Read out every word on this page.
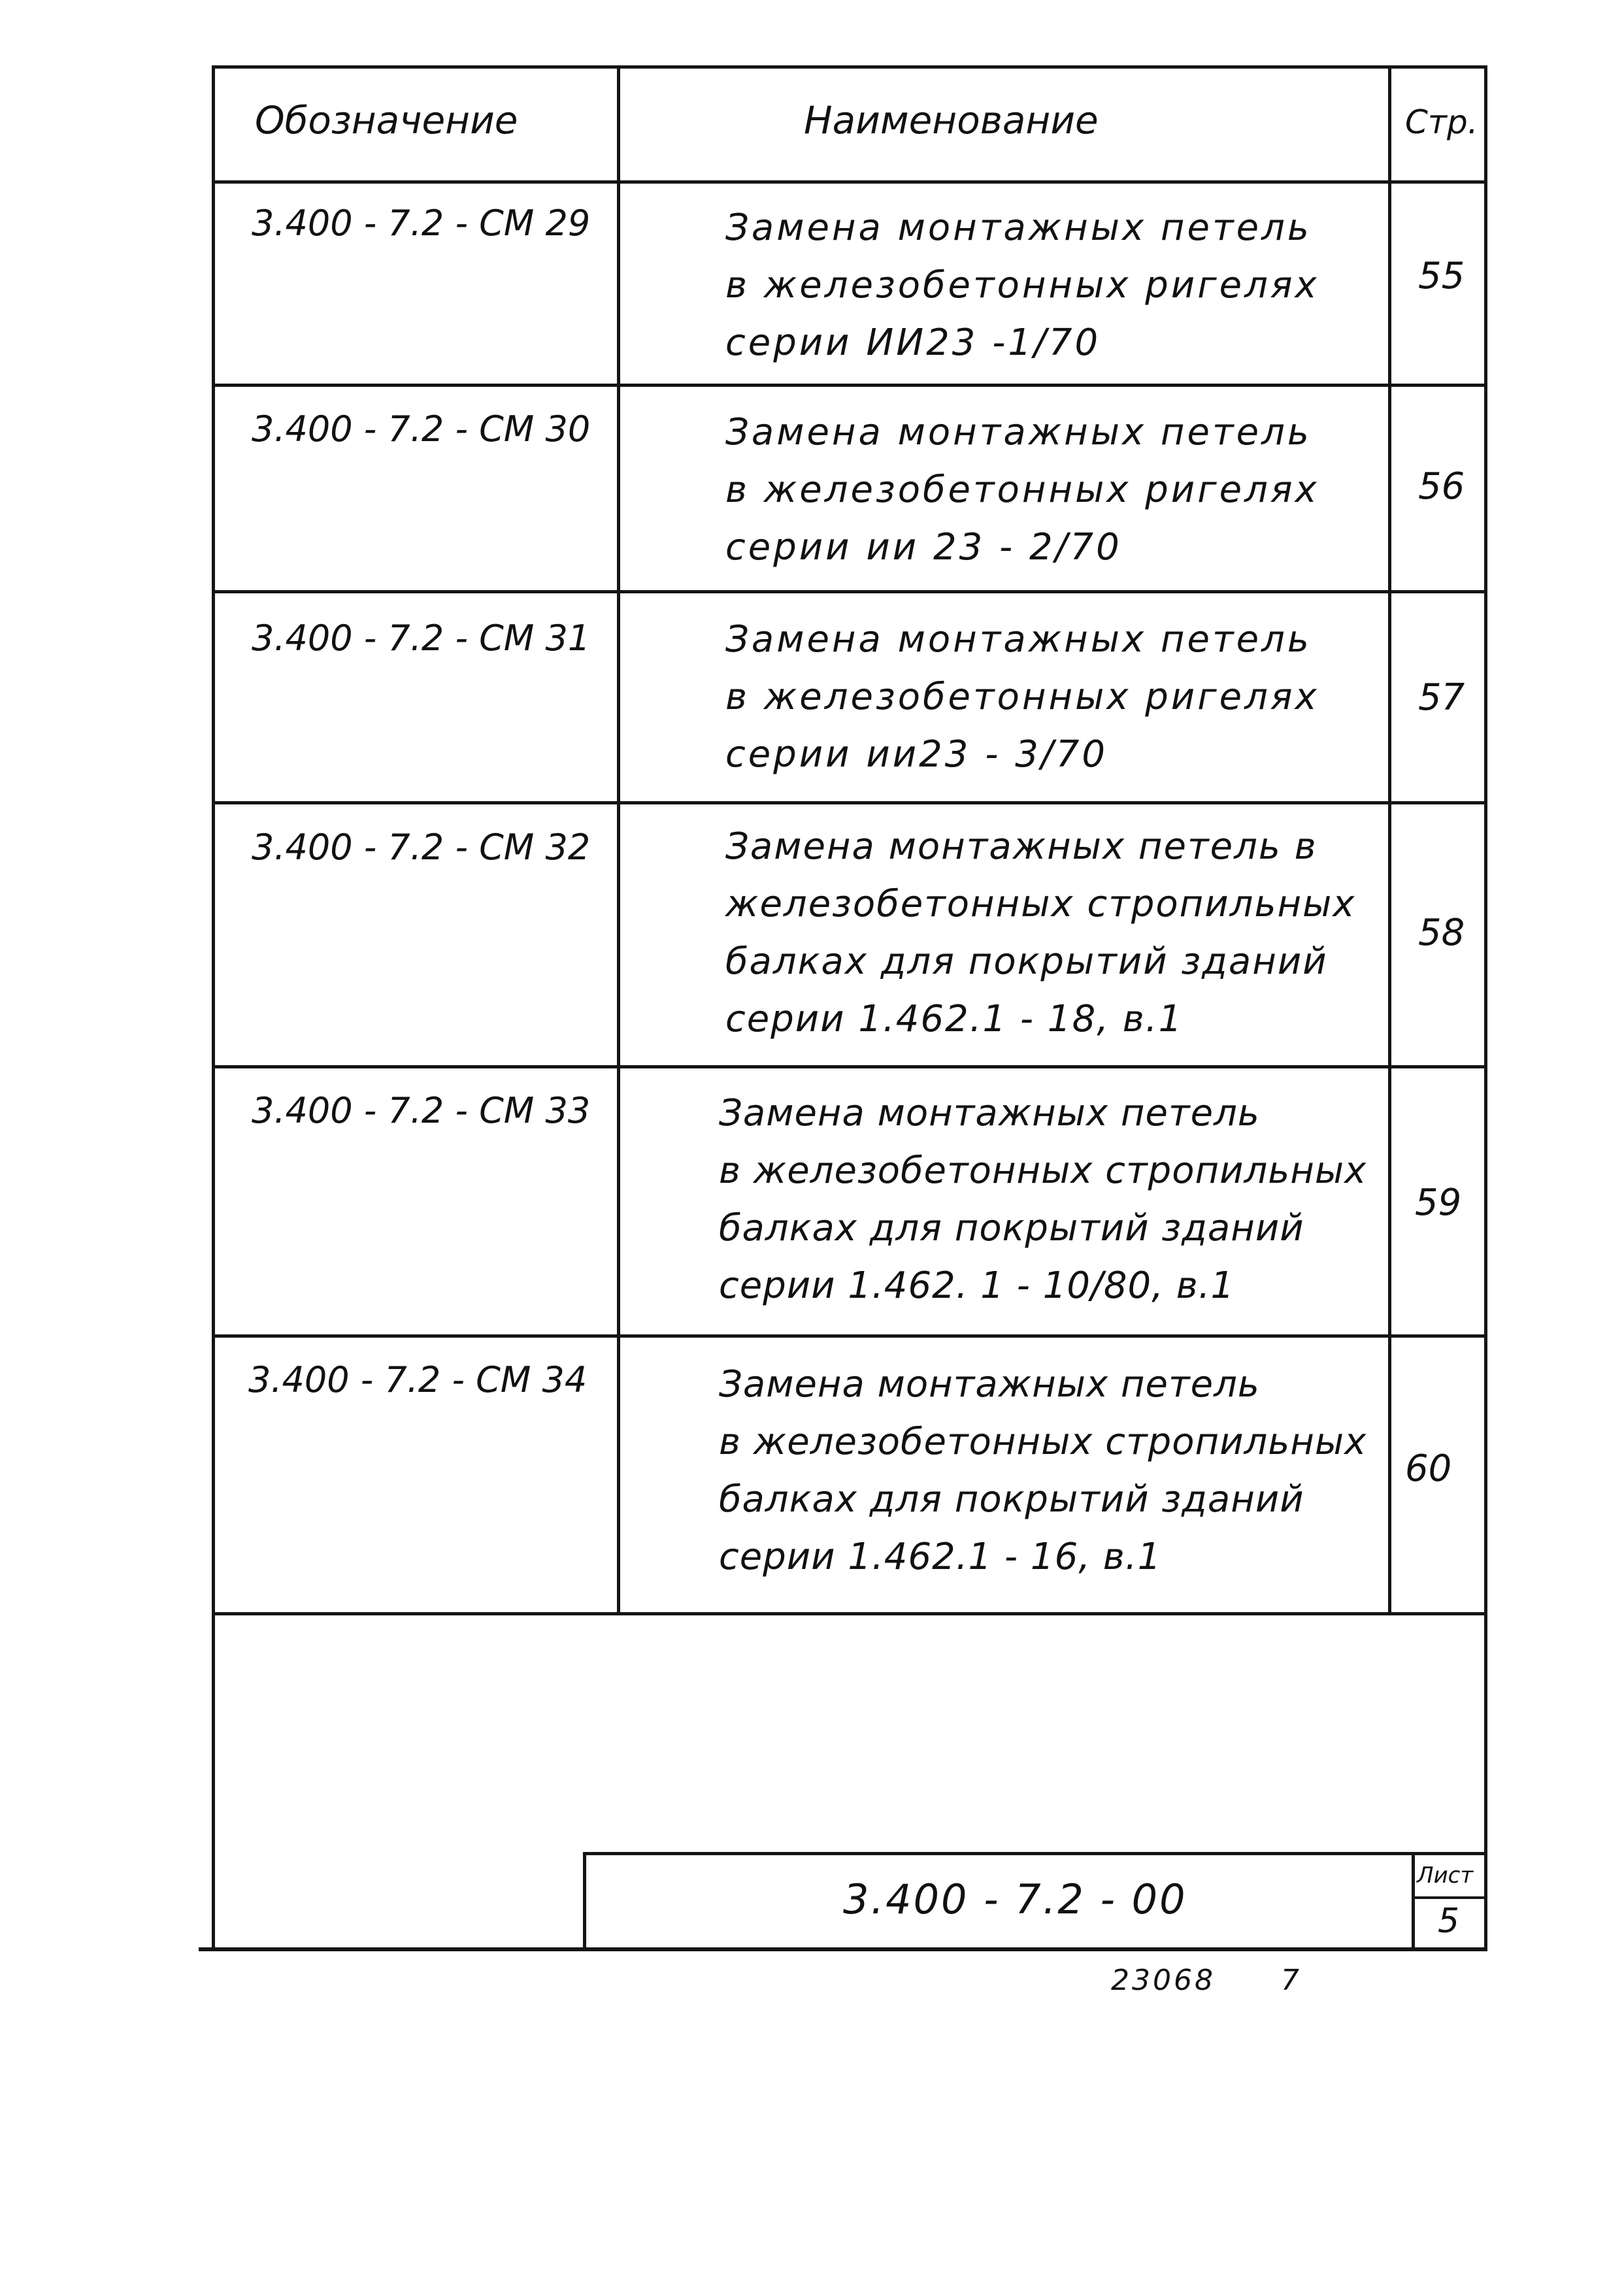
Обозначение	Наименование	Стр.
3.400 - 7.2 - СМ 29	Замена монтажных петель
в железобетонных ригелях
серии ИИ23 -1/70
55
3.400 - 7.2 - СМ 30	Замена монтажных петель
в железобетонных ригелях
серии ии 23 - 2/70
56
3.400 - 7.2 - СМ 31	Замена монтажных петель
в железобетонных ригелях
серии ии23 - 3/70
57
3.400 - 7.2 - СМ 32	Замена монтажных петель в
железобетонных стропильных
балках для покрытий зданий
серии 1.462.1 - 18, в.1
58
3.400 - 7.2 - СМ 33	Замена монтажных петель
в железобетонных стропильных
балках для покрытий зданий
серии 1.462. 1 - 10/80, в.1
59
3.400 - 7.2 - СМ 34	Замена монтажных петель
в железобетонных стропильных
балках для покрытий зданий
серии 1.462.1 - 16, в.1
60
3.400 - 7.2 - 00	Лист
5
23068 7
